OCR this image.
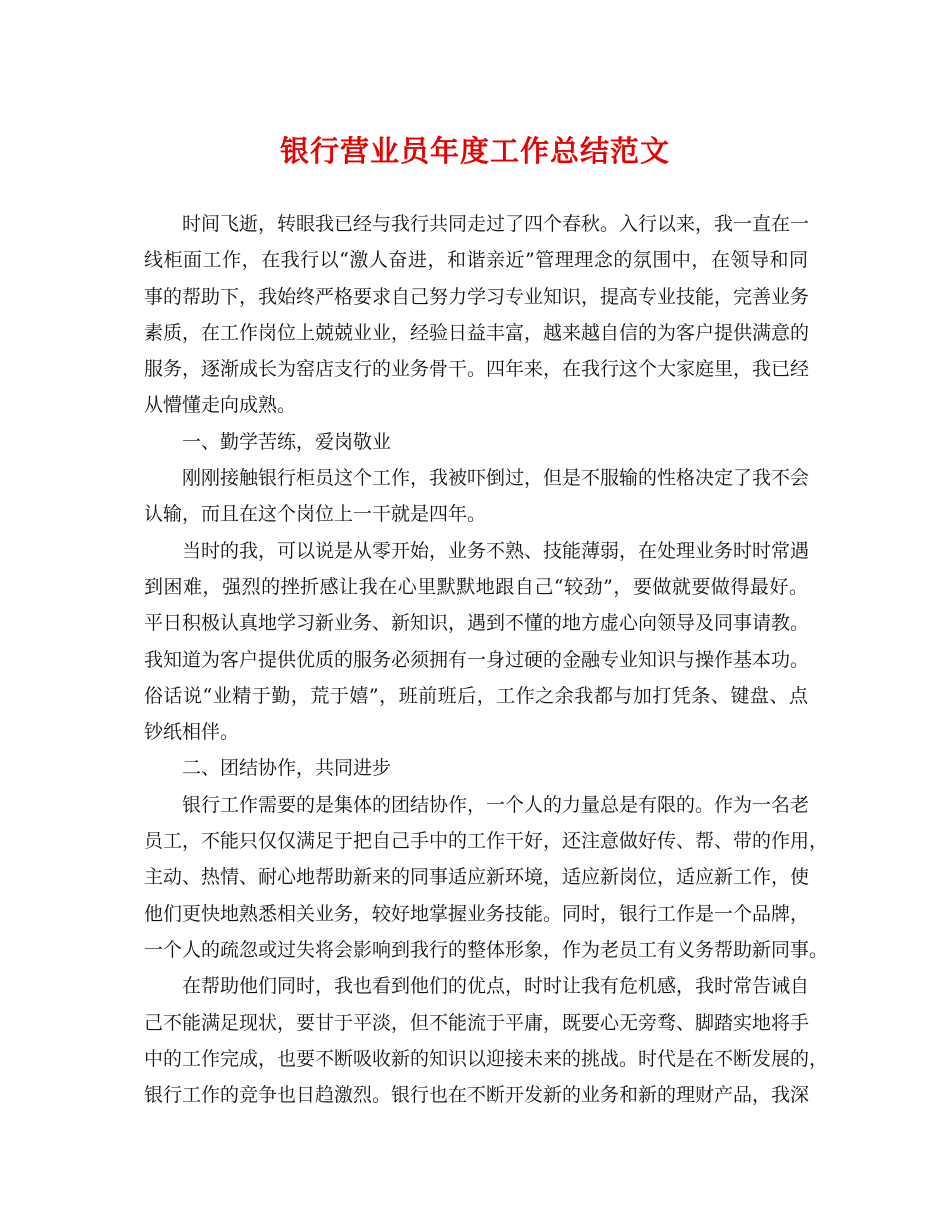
银行营业员年度工作总结范文
时间飞逝，转眼我已经与我行共同走过了四个春秋。入行以来，我一直在一
线柜面工作，在我行以“激人奋进，和谐亲近”管理理念的氛围中，在领导和同
事的帮助下，我始终严格要求自己努力学习专业知识，提高专业技能，完善业务
素质，在工作岗位上兢兢业业，经验日益丰富，越来越自信的为客户提供满意的
服务，逐渐成长为窑店支行的业务骨干。四年来，在我行这个大家庭里，我已经
从懵懂走向成熟。
一、勤学苦练，爱岗敬业
刚刚接触银行柜员这个工作，我被吓倒过，但是不服输的性格决定了我不会
认输，而且在这个岗位上一干就是四年。
当时的我，可以说是从零开始，业务不熟、技能薄弱，在处理业务时时常遇
到困难，强烈的挫折感让我在心里默默地跟自己“较劲”，要做就要做得最好。
平日积极认真地学习新业务、新知识，遇到不懂的地方虚心向领导及同事请教。
我知道为客户提供优质的服务必须拥有一身过硬的金融专业知识与操作基本功。
俗话说“业精于勤，荒于嬉”，班前班后，工作之余我都与加打凭条、键盘、点
钞纸相伴。
二、团结协作，共同进步
银行工作需要的是集体的团结协作，一个人的力量总是有限的。作为一名老
员工，不能只仅仅满足于把自己手中的工作干好，还注意做好传、帮、带的作用，
主动、热情、耐心地帮助新来的同事适应新环境，适应新岗位，适应新工作，使
他们更快地熟悉相关业务，较好地掌握业务技能。同时，银行工作是一个品牌，
一个人的疏忽或过失将会影响到我行的整体形象，作为老员工有义务帮助新同事。
在帮助他们同时，我也看到他们的优点，时时让我有危机感，我时常告诫自
己不能满足现状，要甘于平淡，但不能流于平庸，既要心无旁骛、脚踏实地将手
中的工作完成，也要不断吸收新的知识以迎接未来的挑战。时代是在不断发展的，
银行工作的竞争也日趋激烈。银行也在不断开发新的业务和新的理财产品，我深
